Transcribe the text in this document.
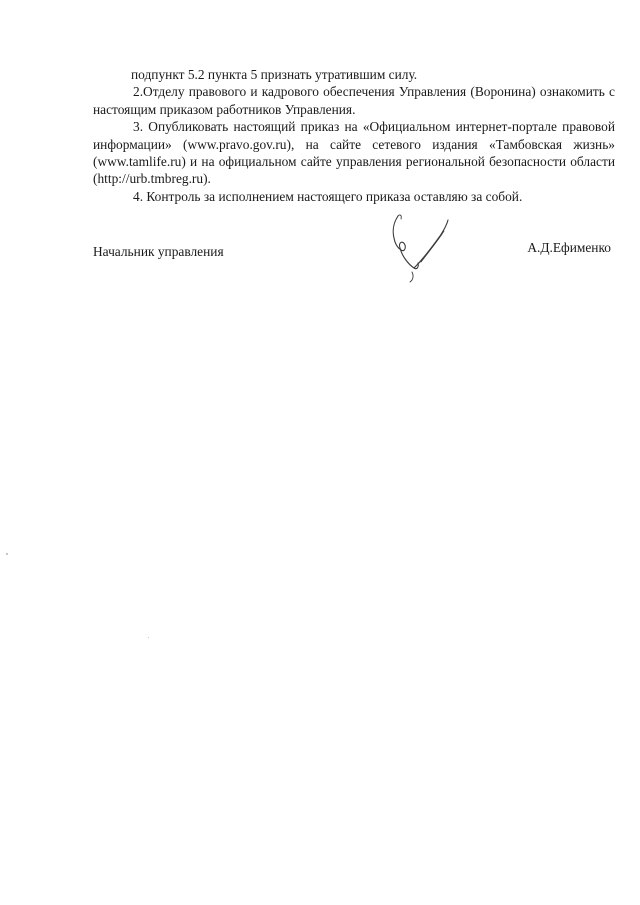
подпункт 5.2 пункта 5 признать утратившим силу.

2.Отделу правового и кадрового обеспечения Управления (Воронина) ознакомить с настоящим приказом работников Управления.

3. Опубликовать настоящий приказ на «Официальном интернет-портале правовой информации» (www.pravo.gov.ru), на сайте сетевого издания «Тамбовская жизнь» (www.tamlife.ru) и на официальном сайте управления региональной безопасности области (http://urb.tmbreg.ru).

4. Контроль за исполнением настоящего приказа оставляю за собой.

Начальник управления	А.Д.Ефименко
